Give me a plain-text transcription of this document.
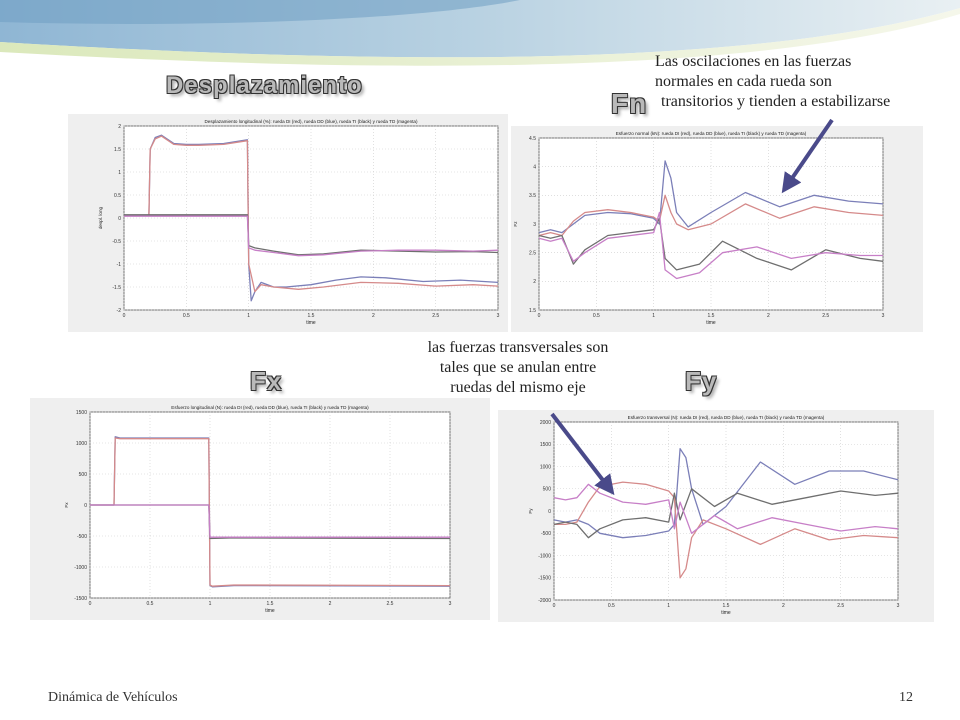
Desplazamiento
Fn
Fx	Fy
0	0.5	1	1.5	2	2.5	3
-2
-1.5
-1
-0.5
0
0.5
1
1.5
2
Desplazamiento longitudinal (%): rueda DI (red), rueda DD (blue), rueda TI (black) y rueda TD (magenta)
time
despl. long
0	0.5	1	1.5	2	2.5	3
1.5
2
2.5
3
3.5
4
4.5
Esfuerzo normal (kN): rueda DI (red), rueda DD (blue), rueda TI (black) y rueda TD (magenta)
time
Fz
0	0.5	1	1.5	2	2.5	3
-1500
-1000
-500
0
500
1000
1500
Esfuerzo longitudinal (N): rueda DI (red), rueda DD (blue), rueda TI (black) y rueda TD (magenta)
time
Fx
0	0.5	1	1.5	2	2.5	3
-2000
-1500
-1000
-500
0
500
1000
1500
2000
Esfuerzo transversal (N): rueda DI (red), rueda DD (blue), rueda TI (black) y rueda TD (magenta)
time
Fy
Las oscilaciones en las fuerzas
normales en cada rueda son
transitorios y tienden a estabilizarse
las fuerzas transversales son
tales que se anulan entre
ruedas del mismo eje
Dinámica de Vehículos	12
